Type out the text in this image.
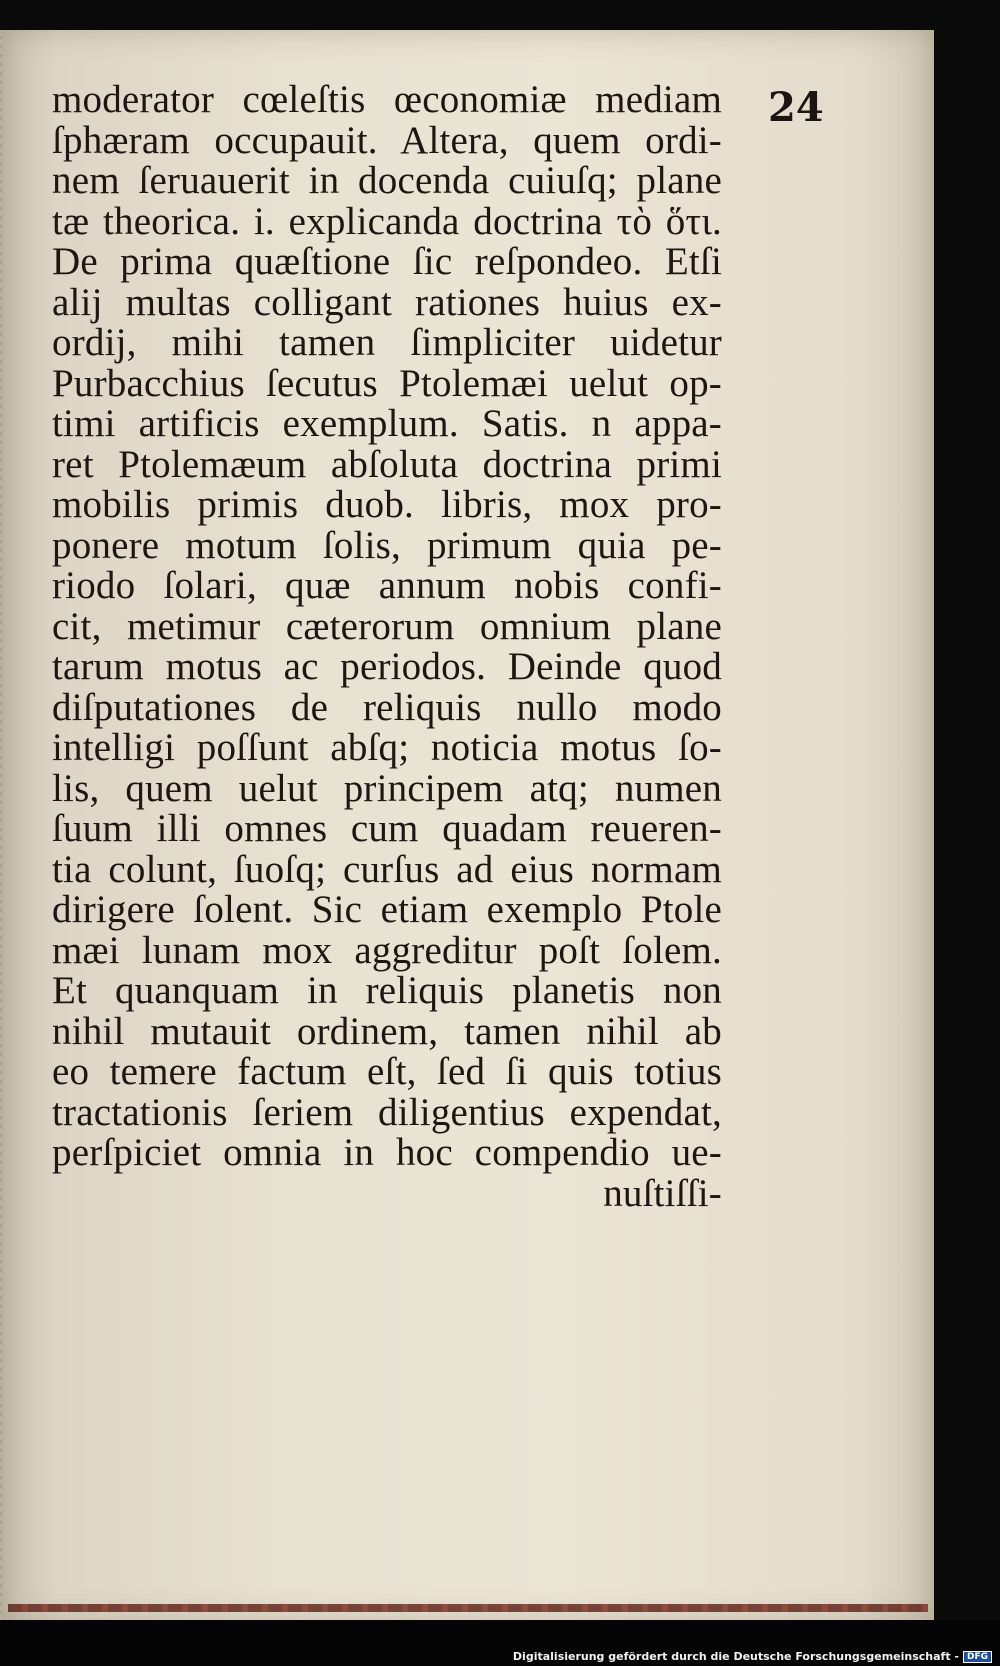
24
moderator cœleſtis œconomiæ mediam
ſphæram occupauit. Altera, quem ordi-
nem ſeruauerit in docenda cuiuſq; plane
tæ theorica. i. explicanda doctrina τὸ ὅτι.
De prima quæſtione ſic reſpondeo. Etſi
alij multas colligant rationes huius ex-
ordij, mihi tamen ſimpliciter uidetur
Purbacchius ſecutus Ptolemæi uelut op-
timi artificis exemplum. Satis. n appa-
ret Ptolemæum abſoluta doctrina primi
mobilis primis duob. libris, mox pro-
ponere motum ſolis, primum quia pe-
riodo ſolari, quæ annum nobis confi-
cit, metimur cæterorum omnium plane
tarum motus ac periodos. Deinde quod
diſputationes de reliquis nullo modo
intelligi poſſunt abſq; noticia motus ſo-
lis, quem uelut principem atq; numen
ſuum illi omnes cum quadam reueren-
tia colunt, ſuoſq; curſus ad eius normam
dirigere ſolent. Sic etiam exemplo Ptole
mæi lunam mox aggreditur poſt ſolem.
Et quanquam in reliquis planetis non
nihil mutauit ordinem, tamen nihil ab
eo temere factum eſt, ſed ſi quis totius
tractationis ſeriem diligentius expendat,
perſpiciet omnia in hoc compendio ue-
nuſtiſſi-
Digitalisierung gefördert durch die Deutsche Forschungsgemeinschaft - DFG
